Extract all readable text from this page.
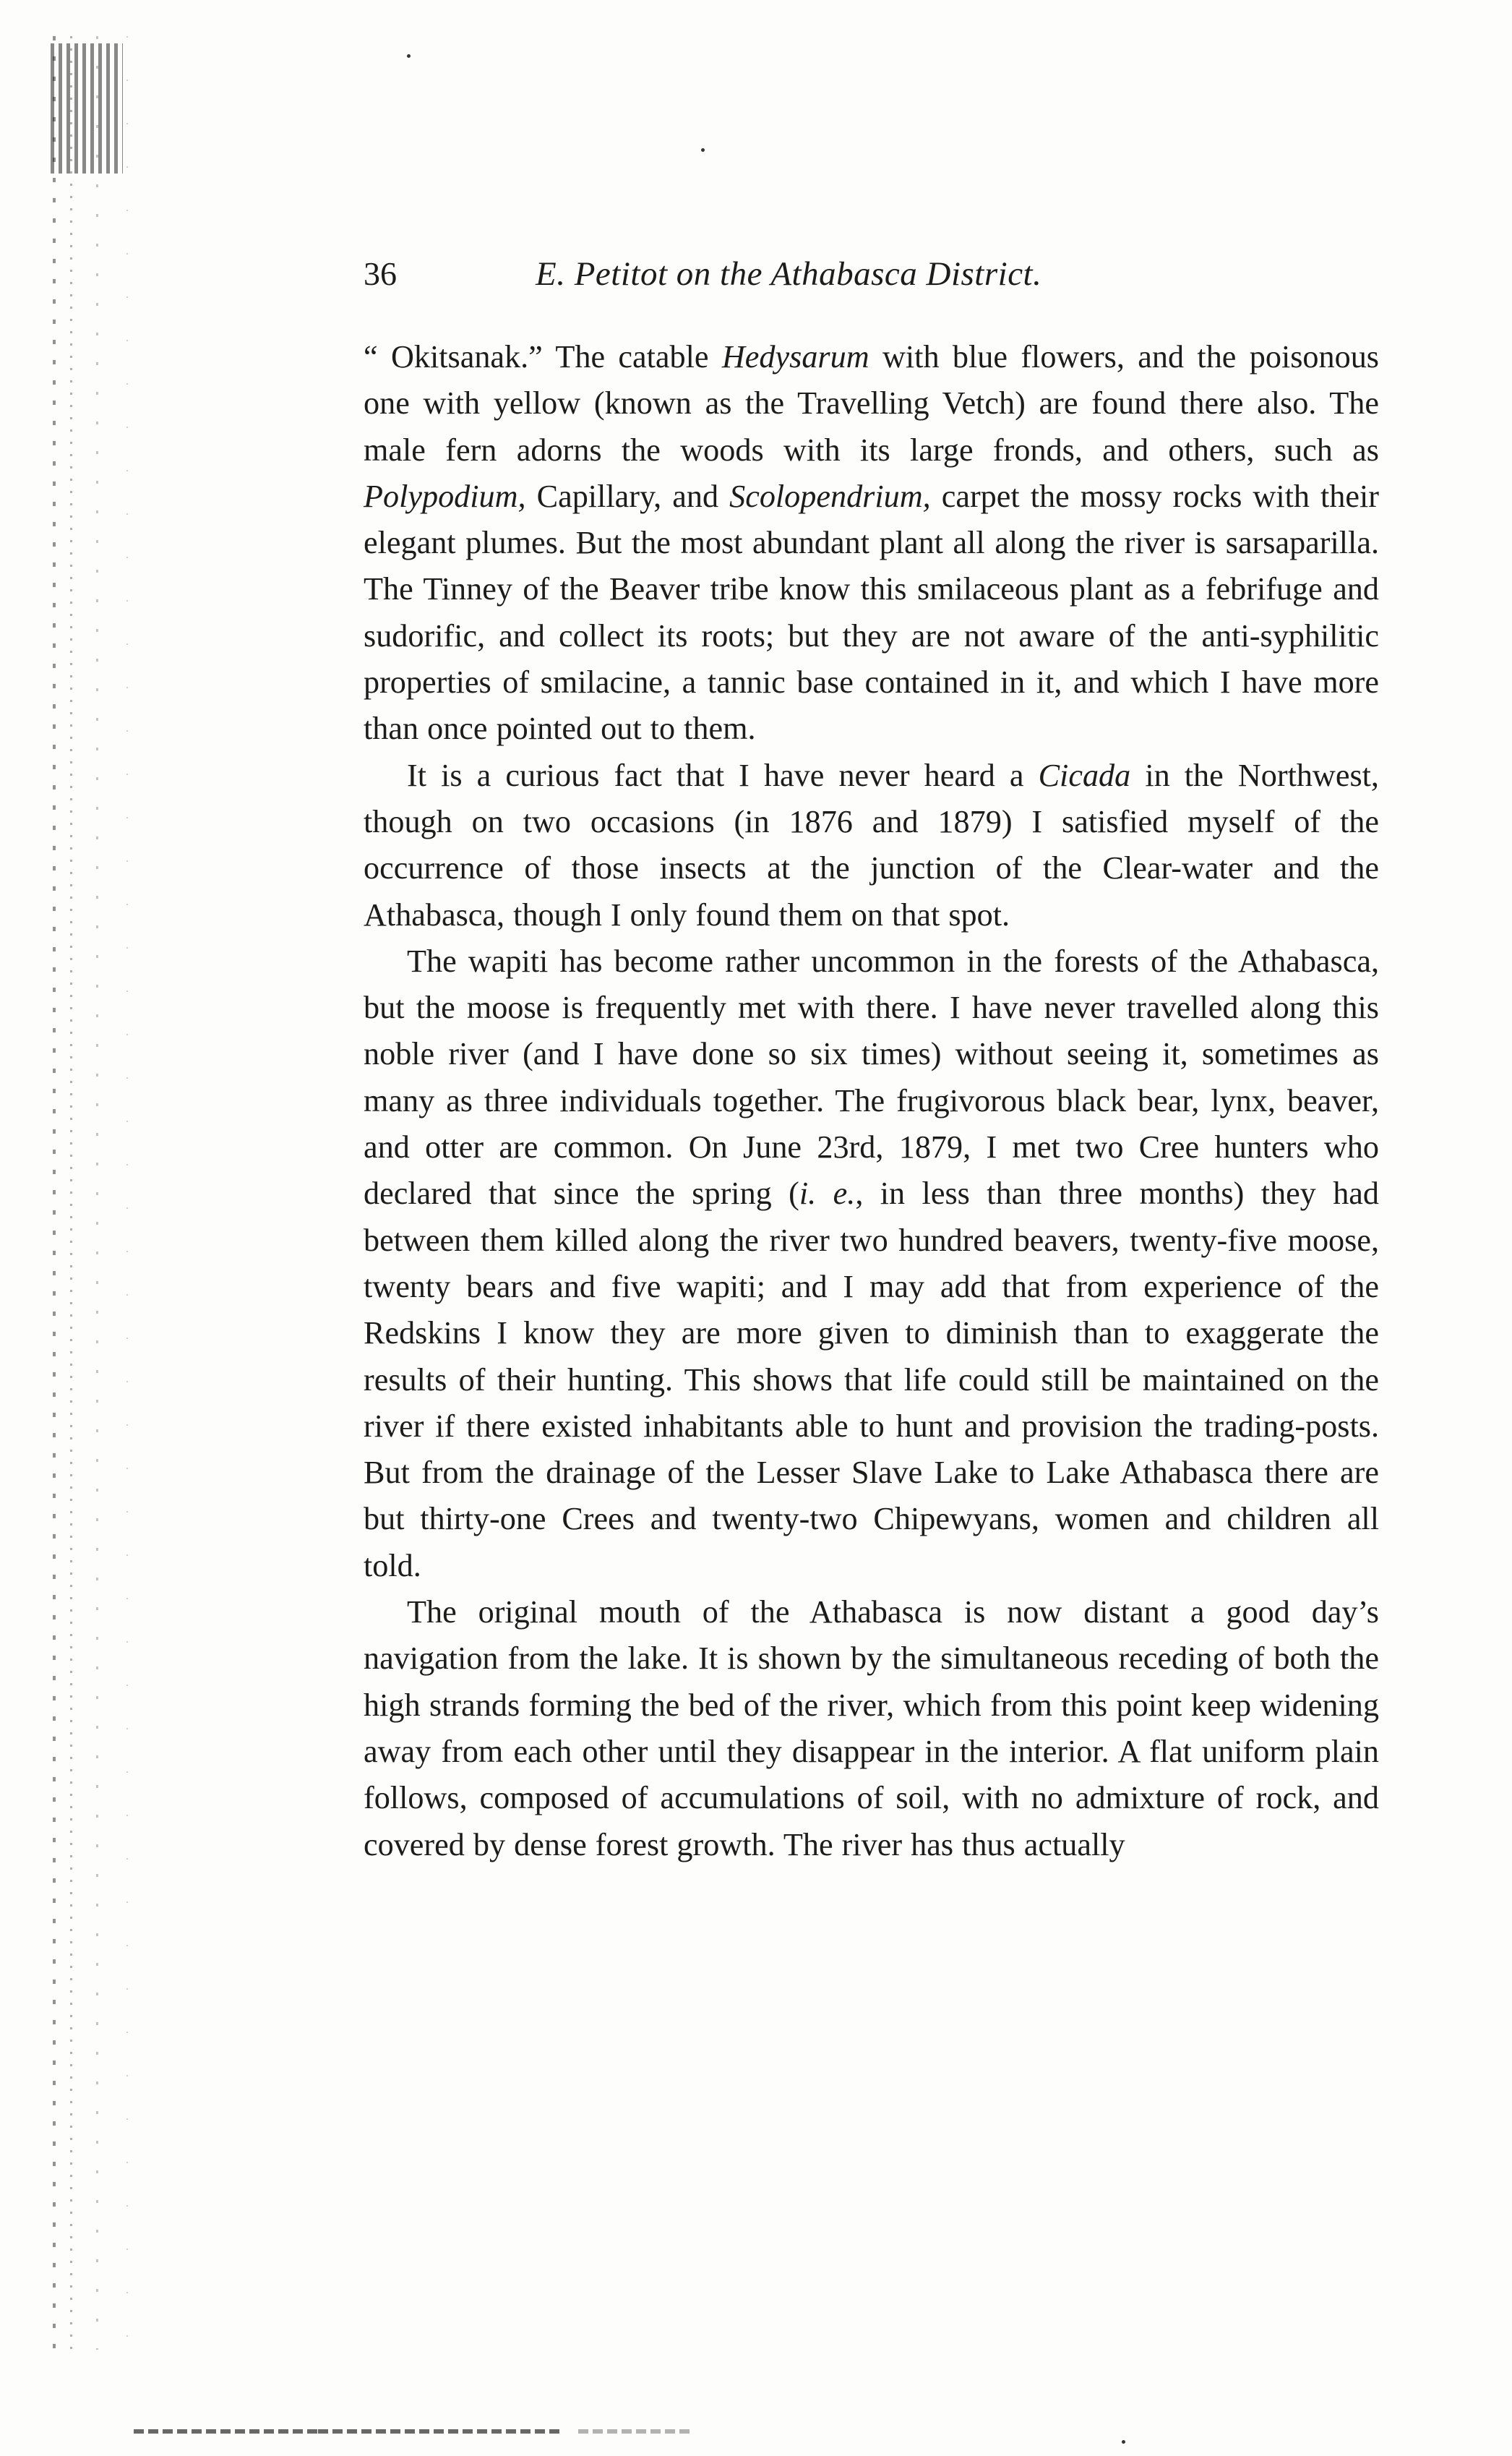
36	E. Petitot on the Athabasca District.

“ Okitsanak.” The catable Hedysarum with blue flowers, and the poisonous one with yellow (known as the Travelling Vetch) are found there also. The male fern adorns the woods with its large fronds, and others, such as Polypodium, Capillary, and Scolopendrium, carpet the mossy rocks with their elegant plumes. But the most abundant plant all along the river is sarsaparilla. The Tinney of the Beaver tribe know this smilaceous plant as a febrifuge and sudorific, and collect its roots; but they are not aware of the anti-syphilitic properties of smilacine, a tannic base contained in it, and which I have more than once pointed out to them.

It is a curious fact that I have never heard a Cicada in the Northwest, though on two occasions (in 1876 and 1879) I satisfied myself of the occurrence of those insects at the junction of the Clear-water and the Athabasca, though I only found them on that spot.

The wapiti has become rather uncommon in the forests of the Athabasca, but the moose is frequently met with there. I have never travelled along this noble river (and I have done so six times) without seeing it, sometimes as many as three individuals together. The frugivorous black bear, lynx, beaver, and otter are common. On June 23rd, 1879, I met two Cree hunters who declared that since the spring (i. e., in less than three months) they had between them killed along the river two hundred beavers, twenty-five moose, twenty bears and five wapiti; and I may add that from experience of the Redskins I know they are more given to diminish than to exaggerate the results of their hunting. This shows that life could still be maintained on the river if there existed inhabitants able to hunt and provision the trading-posts. But from the drainage of the Lesser Slave Lake to Lake Athabasca there are but thirty-one Crees and twenty-two Chipewyans, women and children all told.

The original mouth of the Athabasca is now distant a good day’s navigation from the lake. It is shown by the simultaneous receding of both the high strands forming the bed of the river, which from this point keep widening away from each other until they disappear in the interior. A flat uniform plain follows, composed of accumulations of soil, with no admixture of rock, and covered by dense forest growth. The river has thus actually
